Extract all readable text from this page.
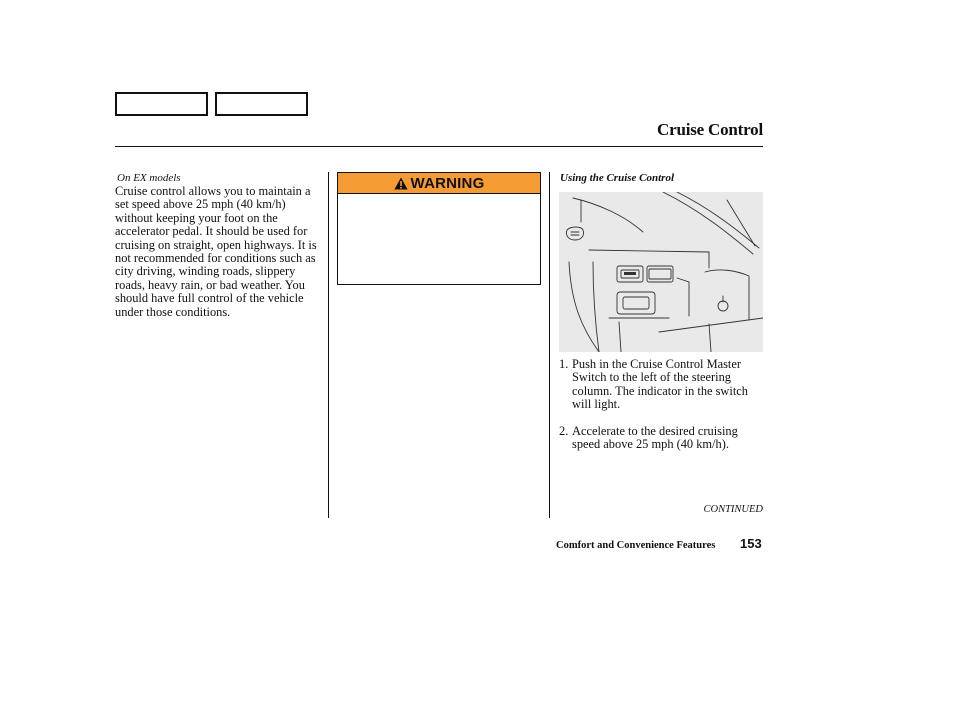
Cruise Control
On EX models

Cruise control allows you to maintain a set speed above 25 mph (40 km/h) without keeping your foot on the accelerator pedal. It should be used for cruising on straight, open highways. It is not recommended for conditions such as city driving, winding roads, slippery roads, heavy rain, or bad weather. You should have full control of the vehicle under those conditions.

WARNING	Using the Cruise Control
1. Push in the Cruise Control Master Switch to the left of the steering column. The indicator in the switch will light.
2. Accelerate to the desired cruising speed above 25 mph (40 km/h).
CONTINUED
Comfort and Convenience Features 153
